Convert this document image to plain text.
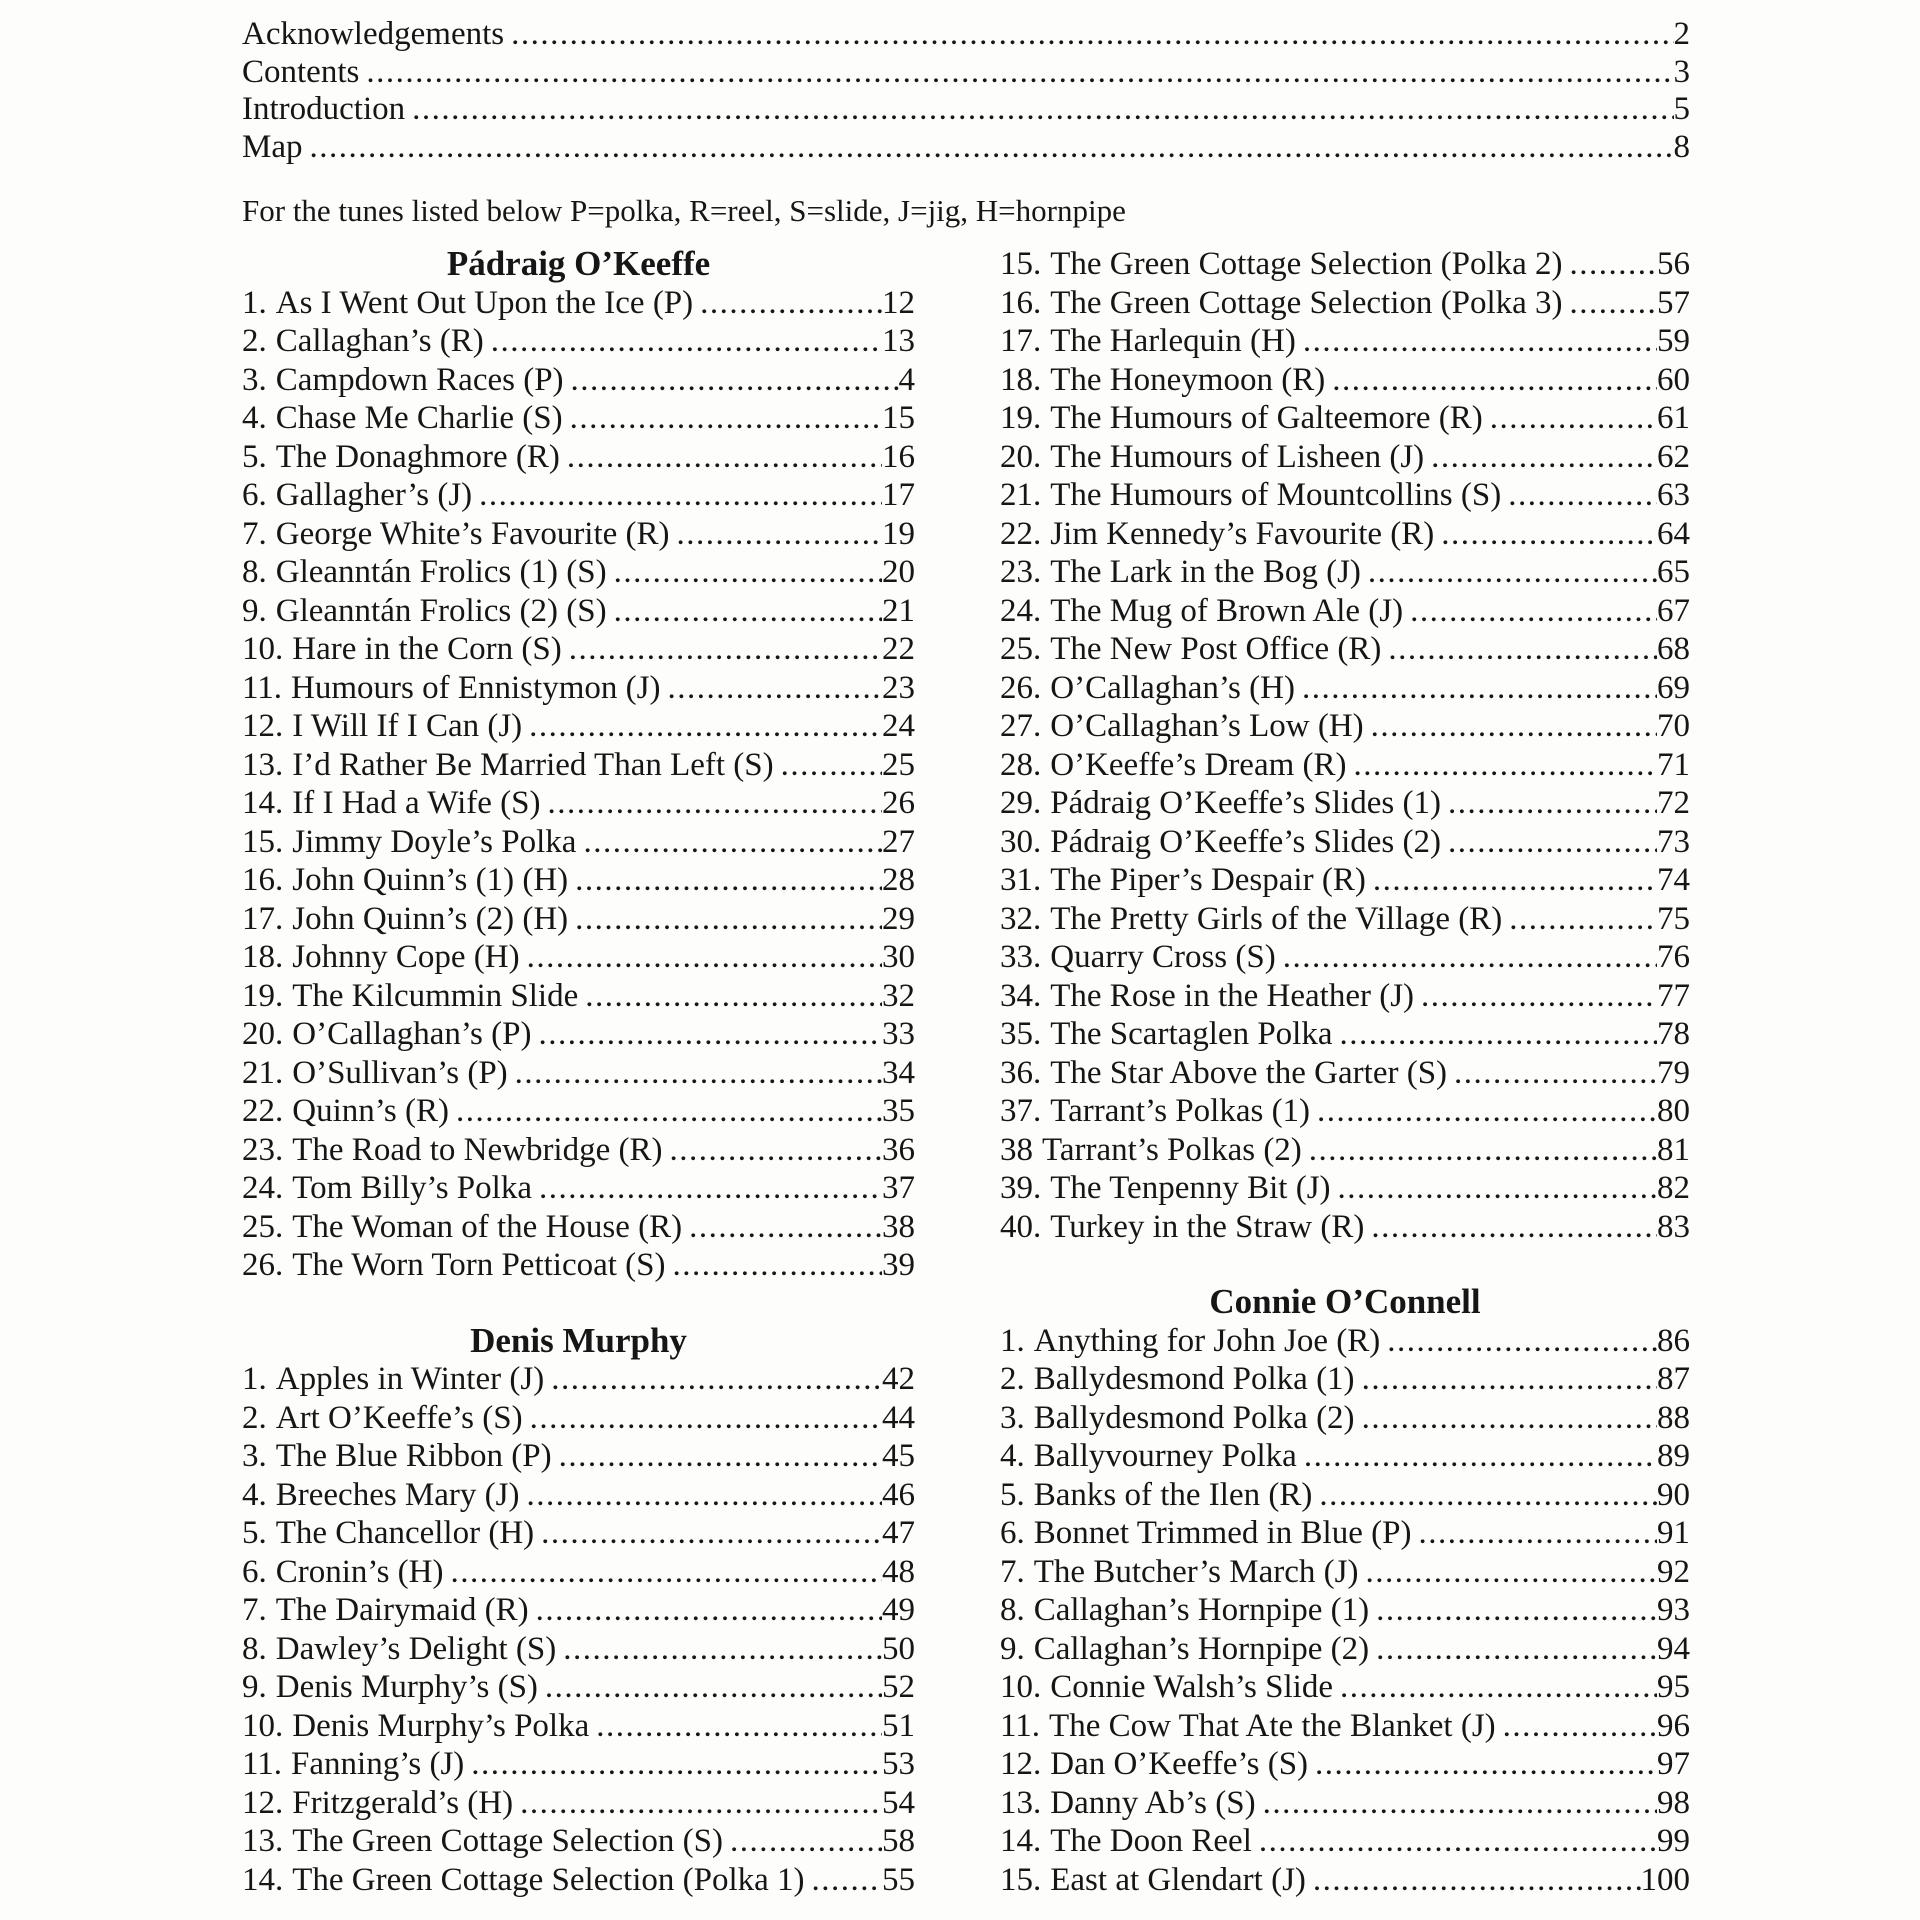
Acknowledgements .....	2
Contents .....	3
Introduction .....	5
Map .....	8
For the tunes listed below P=polka, R=reel, S=slide, J=jig, H=hornpipe
Pádraig O’Keeffe
1. As I Went Out Upon the Ice (P) .....	12
2. Callaghan’s (R) .....	13
3. Campdown Races (P) .....	4
4. Chase Me Charlie (S) .....	15
5. The Donaghmore (R) .....	16
6. Gallagher’s (J) .....	17
7. George White’s Favourite (R) .....	19
8. Gleanntán Frolics (1) (S) .....	20
9. Gleanntán Frolics (2) (S) .....	21
10. Hare in the Corn (S) .....	22
11. Humours of Ennistymon (J) .....	23
12. I Will If I Can (J) .....	24
13. I’d Rather Be Married Than Left (S) .....	25
14. If I Had a Wife (S) .....	26
15. Jimmy Doyle’s Polka .....	27
16. John Quinn’s (1) (H) .....	28
17. John Quinn’s (2) (H) .....	29
18. Johnny Cope (H) .....	30
19. The Kilcummin Slide .....	32
20. O’Callaghan’s (P) .....	33
21. O’Sullivan’s (P) .....	34
22. Quinn’s (R) .....	35
23. The Road to Newbridge (R) .....	36
24. Tom Billy’s Polka .....	37
25. The Woman of the House (R) .....	38
26. The Worn Torn Petticoat (S) .....	39
Denis Murphy
1. Apples in Winter (J) .....	42
2. Art O’Keeffe’s (S) .....	44
3. The Blue Ribbon (P) .....	45
4. Breeches Mary (J) .....	46
5. The Chancellor (H) .....	47
6. Cronin’s (H) .....	48
7. The Dairymaid (R) .....	49
8. Dawley’s Delight (S) .....	50
9. Denis Murphy’s (S) .....	52
10. Denis Murphy’s Polka .....	51
11. Fanning’s (J) .....	53
12. Fritzgerald’s (H) .....	54
13. The Green Cottage Selection (S) .....	58
14. The Green Cottage Selection (Polka 1) ..... 55
15. The Green Cottage Selection (Polka 2) .....	56
16. The Green Cottage Selection (Polka 3) .....	57
17. The Harlequin (H) .....	59
18. The Honeymoon (R) .....	60
19. The Humours of Galteemore (R) .....	61
20. The Humours of Lisheen (J) .....	62
21. The Humours of Mountcollins (S) .....	63
22. Jim Kennedy’s Favourite (R) .....	64
23. The Lark in the Bog (J) .....	65
24. The Mug of Brown Ale (J) .....	67
25. The New Post Office (R) .....	68
26. O’Callaghan’s (H) .....	69
27. O’Callaghan’s Low (H) .....	70
28. O’Keeffe’s Dream (R) .....	71
29. Pádraig O’Keeffe’s Slides (1) .....	72
30. Pádraig O’Keeffe’s Slides (2) .....	73
31. The Piper’s Despair (R) .....	74
32. The Pretty Girls of the Village (R) .....	75
33. Quarry Cross (S) .....	76
34. The Rose in the Heather (J) .....	77
35. The Scartaglen Polka .....	78
36. The Star Above the Garter (S) .....	79
37. Tarrant’s Polkas (1) .....	80
38 Tarrant’s Polkas (2) .....	81
39. The Tenpenny Bit (J) .....	82
40. Turkey in the Straw (R) .....	83
Connie O’Connell
1. Anything for John Joe (R) .....	86
2. Ballydesmond Polka (1) .....	87
3. Ballydesmond Polka (2) .....	88
4. Ballyvourney Polka .....	89
5. Banks of the Ilen (R) .....	90
6. Bonnet Trimmed in Blue (P) .....	91
7. The Butcher’s March (J) .....	92
8. Callaghan’s Hornpipe (1) .....	93
9. Callaghan’s Hornpipe (2) .....	94
10. Connie Walsh’s Slide .....	95
11. The Cow That Ate the Blanket (J) .....	96
12. Dan O’Keeffe’s (S) .....	97
13. Danny Ab’s (S) .....	98
14. The Doon Reel .....	99
15. East at Glendart (J) .....	100
